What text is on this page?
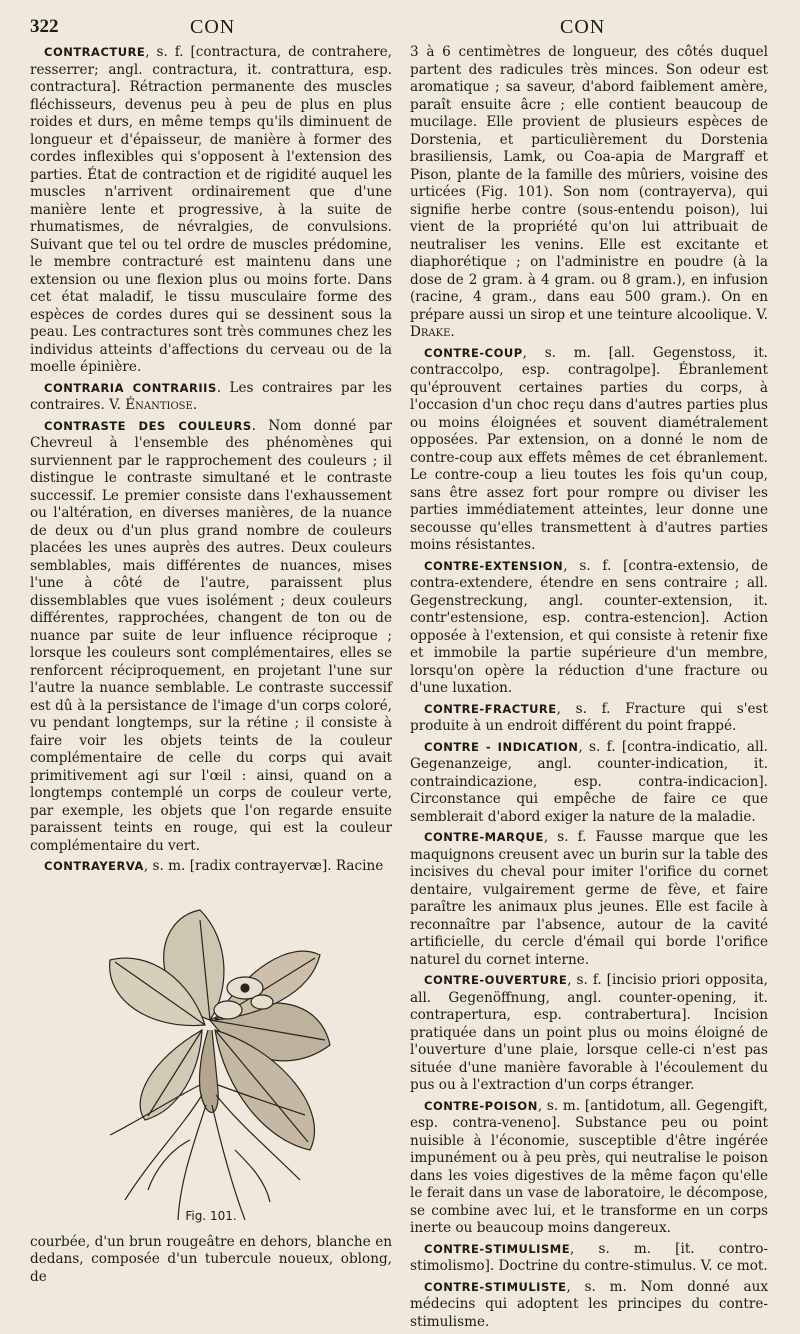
322	CON	CON

CONTRACTURE, s. f. [contractura, de contrahere, resserrer; angl. contractura, it. contrattura, esp. contractura]. Rétraction permanente des muscles fléchisseurs, devenus peu à peu de plus en plus roides et durs, en même temps qu'ils diminuent de longueur et d'épaisseur, de manière à former des cordes inflexibles qui s'opposent à l'extension des parties. État de contraction et de rigidité auquel les muscles n'arrivent ordinairement que d'une manière lente et progressive, à la suite de rhumatismes, de névralgies, de convulsions. Suivant que tel ou tel ordre de muscles prédomine, le membre contracturé est maintenu dans une extension ou une flexion plus ou moins forte. Dans cet état maladif, le tissu musculaire forme des espèces de cordes dures qui se dessinent sous la peau. Les contractures sont très communes chez les individus atteints d'affections du cerveau ou de la moelle épinière.

CONTRARIA CONTRARIIS. Les contraires par les contraires. V. Énantiose.

CONTRASTE DES COULEURS. Nom donné par Chevreul à l'ensemble des phénomènes qui surviennent par le rapprochement des couleurs ; il distingue le contraste simultané et le contraste successif. Le premier consiste dans l'exhaussement ou l'altération, en diverses manières, de la nuance de deux ou d'un plus grand nombre de couleurs placées les unes auprès des autres. Deux couleurs semblables, mais différentes de nuances, mises l'une à côté de l'autre, paraissent plus dissemblables que vues isolément ; deux couleurs différentes, rapprochées, changent de ton ou de nuance par suite de leur influence réciproque ; lorsque les couleurs sont complémentaires, elles se renforcent réciproquement, en projetant l'une sur l'autre la nuance semblable. Le contraste successif est dû à la persistance de l'image d'un corps coloré, vu pendant longtemps, sur la rétine ; il consiste à faire voir les objets teints de la couleur complémentaire de celle du corps qui avait primitivement agi sur l'œil : ainsi, quand on a longtemps contemplé un corps de couleur verte, par exemple, les objets que l'on regarde ensuite paraissent teints en rouge, qui est la couleur complémentaire du vert.

CONTRAYERVA, s. m. [radix contrayervæ]. Racine

Fig. 101.

courbée, d'un brun rougeâtre en dehors, blanche en dedans, composée d'un tubercule noueux, oblong, de

3 à 6 centimètres de longueur, des côtés duquel partent des radicules très minces. Son odeur est aromatique ; sa saveur, d'abord faiblement amère, paraît ensuite âcre ; elle contient beaucoup de mucilage. Elle provient de plusieurs espèces de Dorstenia, et particulièrement du Dorstenia brasiliensis, Lamk, ou Coa-apia de Margraff et Pison, plante de la famille des mûriers, voisine des urticées (Fig. 101). Son nom (contrayerva), qui signifie herbe contre (sous-entendu poison), lui vient de la propriété qu'on lui attribuait de neutraliser les venins. Elle est excitante et diaphorétique ; on l'administre en poudre (à la dose de 2 gram. à 4 gram. ou 8 gram.), en infusion (racine, 4 gram., dans eau 500 gram.). On en prépare aussi un sirop et une teinture alcoolique. V. Drake.

CONTRE-COUP, s. m. [all. Gegenstoss, it. contraccolpo, esp. contragolpe]. Ébranlement qu'éprouvent certaines parties du corps, à l'occasion d'un choc reçu dans d'autres parties plus ou moins éloignées et souvent diamétralement opposées. Par extension, on a donné le nom de contre-coup aux effets mêmes de cet ébranlement. Le contre-coup a lieu toutes les fois qu'un coup, sans être assez fort pour rompre ou diviser les parties immédiatement atteintes, leur donne une secousse qu'elles transmettent à d'autres parties moins résistantes.

CONTRE-EXTENSION, s. f. [contra-extensio, de contra-extendere, étendre en sens contraire ; all. Gegenstreckung, angl. counter-extension, it. contr'estensione, esp. contra-estencion]. Action opposée à l'extension, et qui consiste à retenir fixe et immobile la partie supérieure d'un membre, lorsqu'on opère la réduction d'une fracture ou d'une luxation.

CONTRE-FRACTURE, s. f. Fracture qui s'est produite à un endroit différent du point frappé.

CONTRE - INDICATION, s. f. [contra-indicatio, all. Gegenanzeige, angl. counter-indication, it. contraindicazione, esp. contra-indicacion]. Circonstance qui empêche de faire ce que semblerait d'abord exiger la nature de la maladie.

CONTRE-MARQUE, s. f. Fausse marque que les maquignons creusent avec un burin sur la table des incisives du cheval pour imiter l'orifice du cornet dentaire, vulgairement germe de fève, et faire paraître les animaux plus jeunes. Elle est facile à reconnaître par l'absence, autour de la cavité artificielle, du cercle d'émail qui borde l'orifice naturel du cornet interne.

CONTRE-OUVERTURE, s. f. [incisio priori opposita, all. Gegenöffnung, angl. counter-opening, it. contrapertura, esp. contrabertura]. Incision pratiquée dans un point plus ou moins éloigné de l'ouverture d'une plaie, lorsque celle-ci n'est pas située d'une manière favorable à l'écoulement du pus ou à l'extraction d'un corps étranger.

CONTRE-POISON, s. m. [antidotum, all. Gegengift, esp. contra-veneno]. Substance peu ou point nuisible à l'économie, susceptible d'être ingérée impunément ou à peu près, qui neutralise le poison dans les voies digestives de la même façon qu'elle le ferait dans un vase de laboratoire, le décompose, se combine avec lui, et le transforme en un corps inerte ou beaucoup moins dangereux.

CONTRE-STIMULISME, s. m. [it. contro-stimolismo]. Doctrine du contre-stimulus. V. ce mot.

CONTRE-STIMULISTE, s. m. Nom donné aux médecins qui adoptent les principes du contre-stimulisme.
